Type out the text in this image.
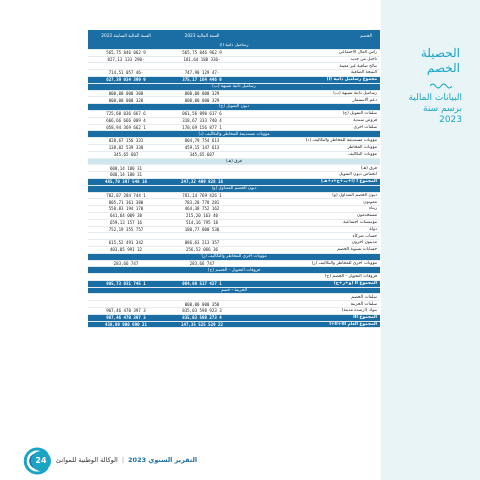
الحصيلة
الخصم
البيانات المالية
برسم سنة
2023
الخصم	السنة المالية 2023	السنة المالية السابقة 2022
رساميل ذاتية (أ)		
رأس المال الاجتماعي	9 962 846 565,75	9 062 846 565,75
تأجيل من جديد	-336 188 181,64	-290 133 827,13
نتائج صافية غير معينة		
النتيجة الصافية	-47 129 747,90	-46 057 714,51
مجموع رساميل ذاتية (أ)	9 446 164 375,17	9 399 034 627,39
رساميل ذاتية شبيهة (ب)		
رساميل ذاتية شبيهة (ب)	329 000 000,00	300 000 000,00
دعم الاستثمار	329 000 000,00	320 000 000,00
ديون التمويل (ج)		
سلفات التمويل (ج)	6 617 890 061,56	6 667 036 725,60
قروض سندية	4 740 333 318,67	4 009 666 666,66
سلفات أخرى	1 877 156 170,69	1 662 369 058,94
مؤونات مستديمة للمخاطر والتكاليف (د)		
مؤونات مستديمة للمخاطر والتكاليف (د)	613 754 804,79	331 156 828,67
مؤونات المخاطر	613 147 459,15	330 539 138,02
مؤونات التكاليف	607 345,65	607 345,65
فرق (هـ)		
فرق (هـ)		31 180 608,14
انخفاض ديون التمويل		31 180 608,14
المجموع I (أ+ب+ج+د+هـ)	16 828 409 247,32	16 548 397 485,70
ديون الخصم المتداول (و)		
ديون الخصم المتداول (و)	1 426 769 781,14	1 744 284 702,07
ممونون	281 778 783,28	380 361 805,71
زبناء	162 752 464,38	170 194 558,83
مستخدمون	40 163 215,20	38 009 641,64
مؤسسات اجتماعية	18 795 514,16	16 157 659,13
دولة	530 000 180,77	757 355 752,19
حساب شركاء		
مدينون آخرون	357 213 086,63	342 491 615,52
حسابات تسوية الخصم	36 066 256,52	32 991 403,05
مؤونات أخرى للمخاطر والتكاليف (ز)		
مؤونات أخرى للمخاطر والتكاليف (ز)	747 283,66	747 283,66
فروقات التحويل - الخصم (ح)		
فروقات التحويل - الخصم (ح)		
المجموع II (و+ز+ح)	1 427 517 064,80	1 745 031 985,73
الخزينة - خصم		
سلفات الخصم		
سلفات الخزينة	350 000 000,00	
بنوك (أرصدة مدينة)	3 923 598 835,03	3 397 470 967,46
المجموع III	4 273 598 835,03	3 397 470 967,46
المجموع العام I+II+III	22 529 525 147,35	21 690 900 438,89
24	التقرير السنوي 2023|الوكالة الوطنية للموانئ
